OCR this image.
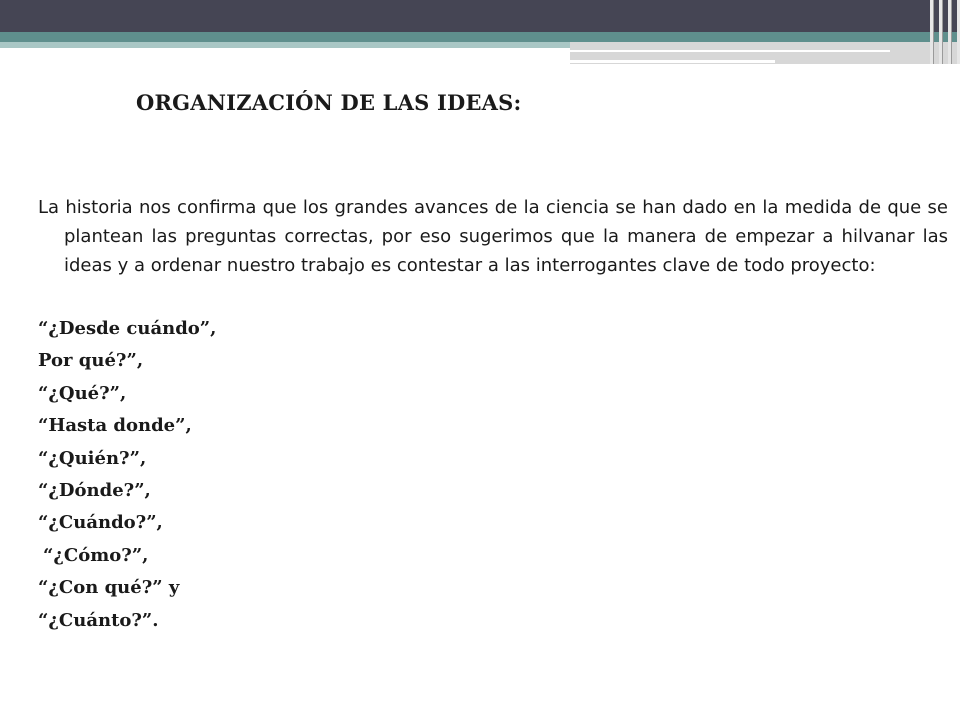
ORGANIZACIÓN DE LAS IDEAS:

La historia nos confirma que los grandes avances de la ciencia se han dado en la medida de que se plantean las preguntas correctas, por eso sugerimos que la manera de empezar a hilvanar las ideas y a ordenar nuestro trabajo es contestar a las interrogantes clave de todo proyecto:

“¿Desde cuándo”,
Por qué?”,
“¿Qué?”,
“Hasta donde”,
“¿Quién?”,
“¿Dónde?”,
“¿Cuándo?”,
“¿Cómo?”,
“¿Con qué?” y
“¿Cuánto?”.
